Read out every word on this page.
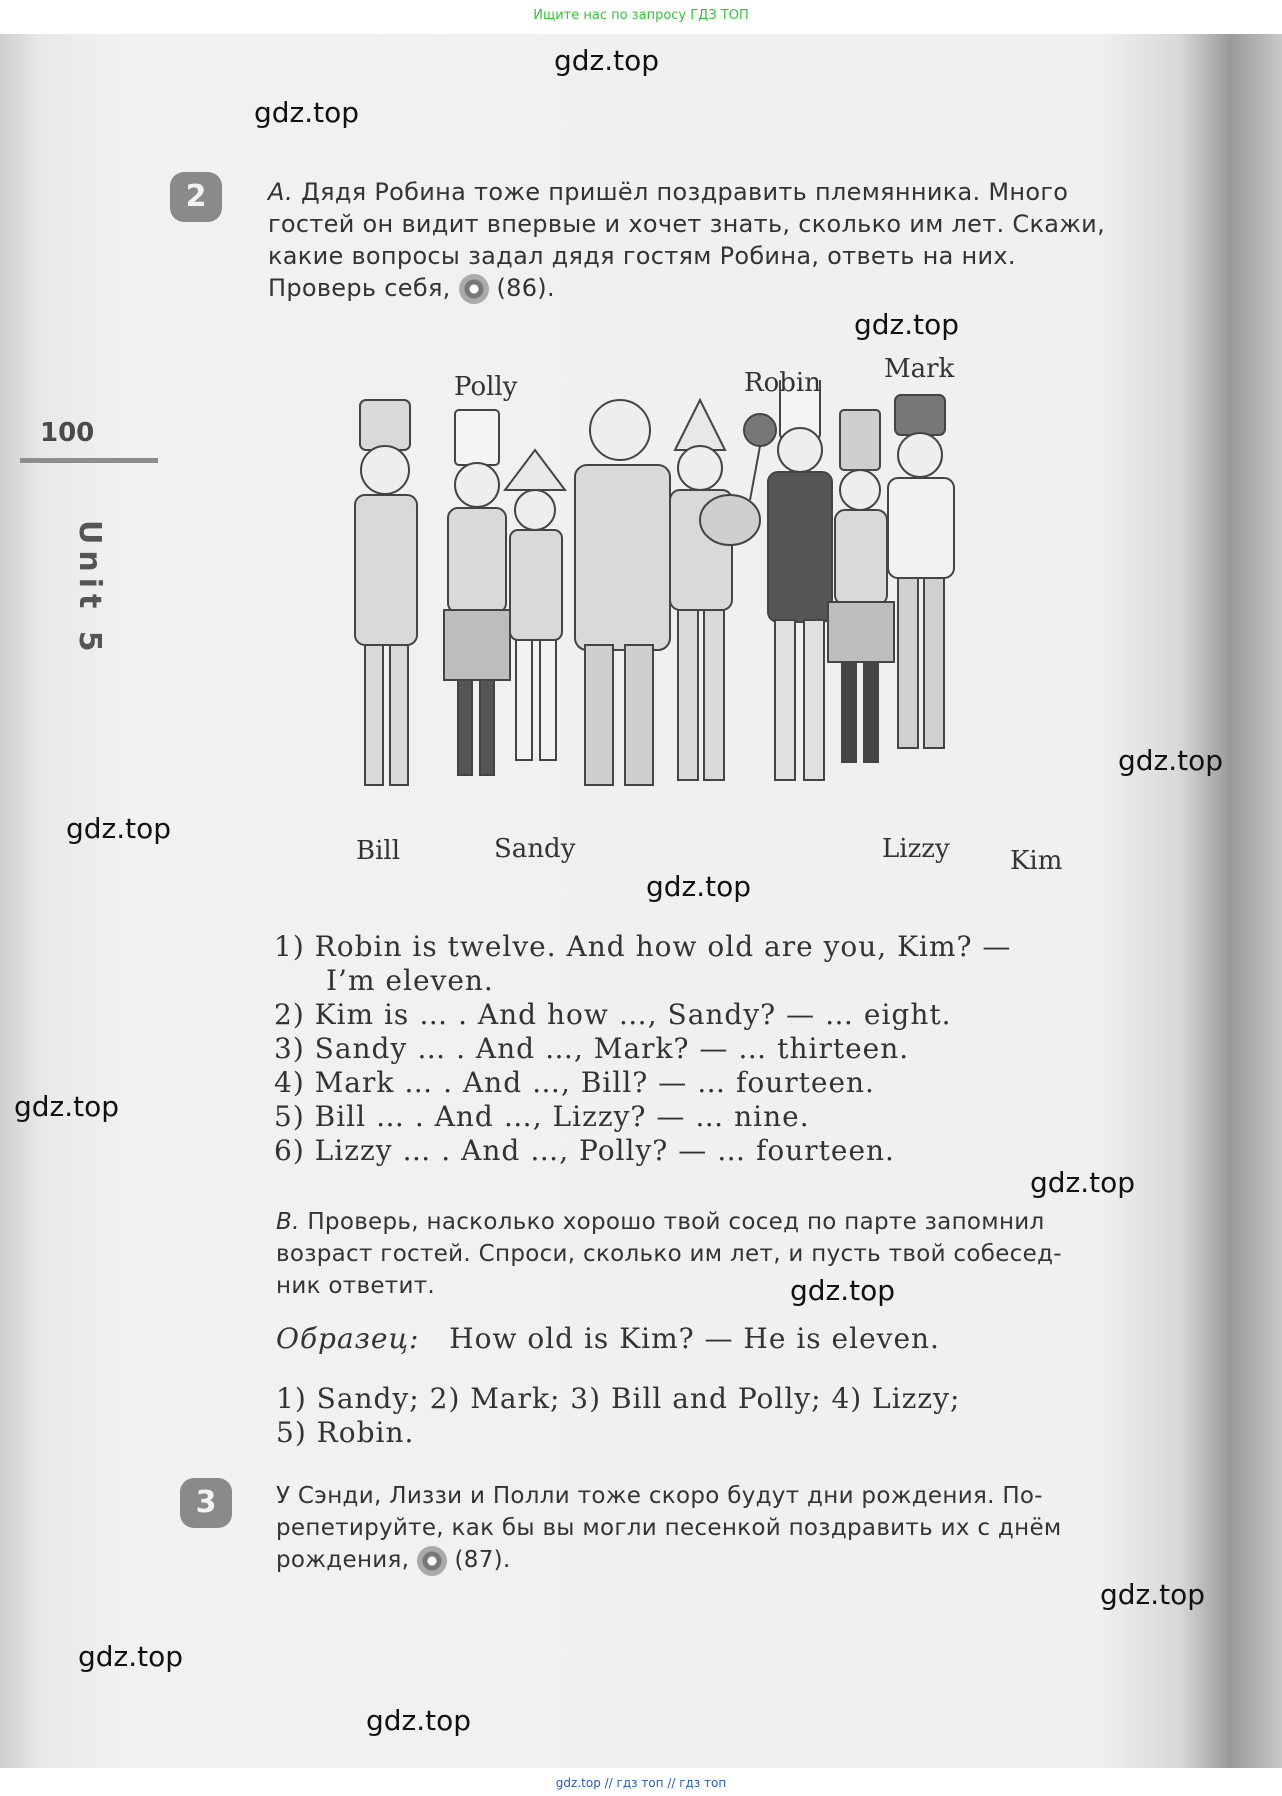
Ищите нас по запросу ГДЗ ТОП
100
Unit 5
2	A. Дядя Робина тоже пришёл поздравить племянника. Много
гостей он видит впервые и хочет знать, сколько им лет. Скажи,
какие вопросы задал дядя гостям Робина, ответь на них.
Проверь себя, (86).
Polly	Robin Mark
Bill	Sandy	Lizzy Kim
1) Robin is twelve. And how old are you, Kim? —
I’m eleven.
2) Kim is … . And how …, Sandy? — … eight.
3) Sandy … . And …, Mark? — … thirteen.
4) Mark … . And …, Bill? — … fourteen.
5) Bill … . And …, Lizzy? — … nine.
6) Lizzy … . And …, Polly? — … fourteen.
B. Проверь, насколько хорошо твой сосед по парте запомнил
возраст гостей. Спроси, сколько им лет, и пусть твой собесед-
ник ответит.
Образец: How old is Kim? — He is eleven.
1) Sandy; 2) Mark; 3) Bill and Polly; 4) Lizzy;
5) Robin.
3	У Сэнди, Лиззи и Полли тоже скоро будут дни рождения. По-
репетируйте, как бы вы могли песенкой поздравить их с днём
рождения, (87).
gdz.top
gdz.top
gdz.top
gdz.top
gdz.top
gdz.top
gdz.top
gdz.top
gdz.top
gdz.top
gdz.top
gdz.top
gdz.top // гдз топ // гдз топ
